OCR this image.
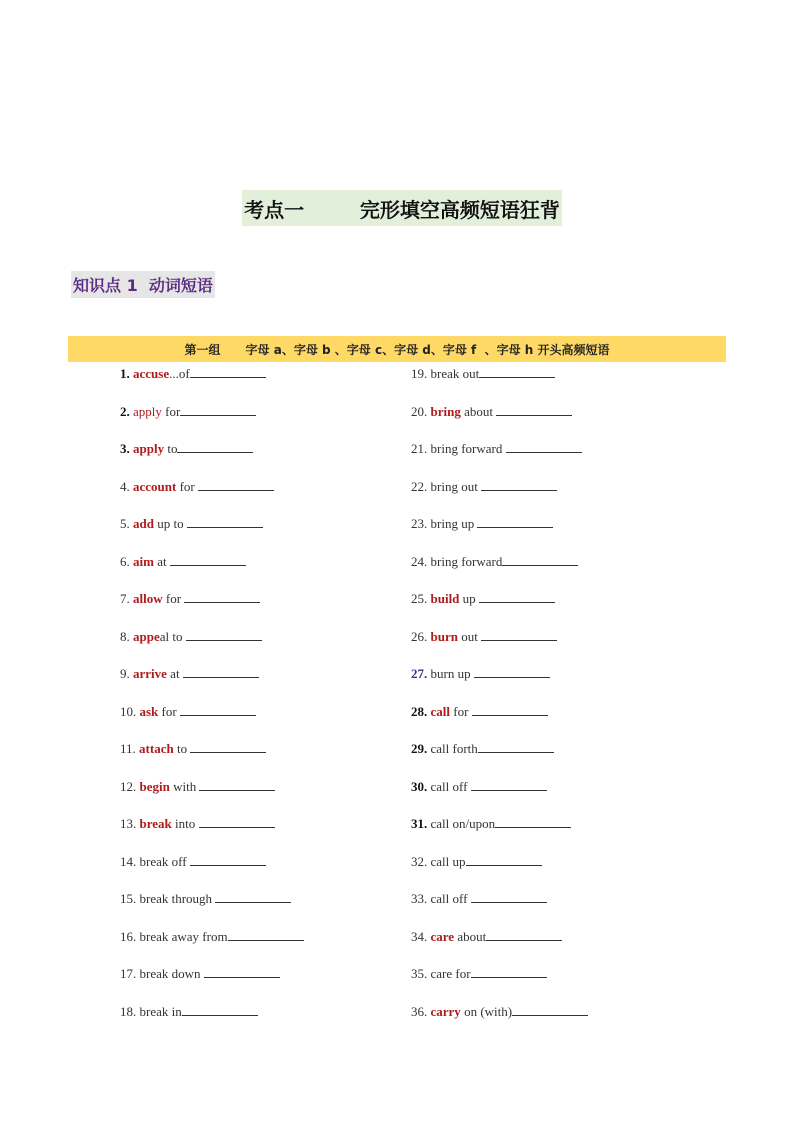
考点一        完形填空高频短语狂背
知识点 1  动词短语
第一组      字母 a、字母 b 、字母 c、字母 d、字母 f  、字母 h 开头高频短语
1. accuse...of
2. apply for
3. apply to
4. account for
5. add up to
6. aim at
7. allow for
8. appeal to
9. arrive at
10. ask for
11. attach to
12. begin with
13. break into
14. break off
15. break through
16. break away from
17. break down
18. break in
19. break out
20. bring about
21. bring forward
22. bring out
23. bring up
24. bring forward
25. build up
26. burn out
27. burn up
28. call for
29. call forth
30. call off
31. call on/upon
32. call up
33. call off
34. care about
35. care for
36. carry on (with)
